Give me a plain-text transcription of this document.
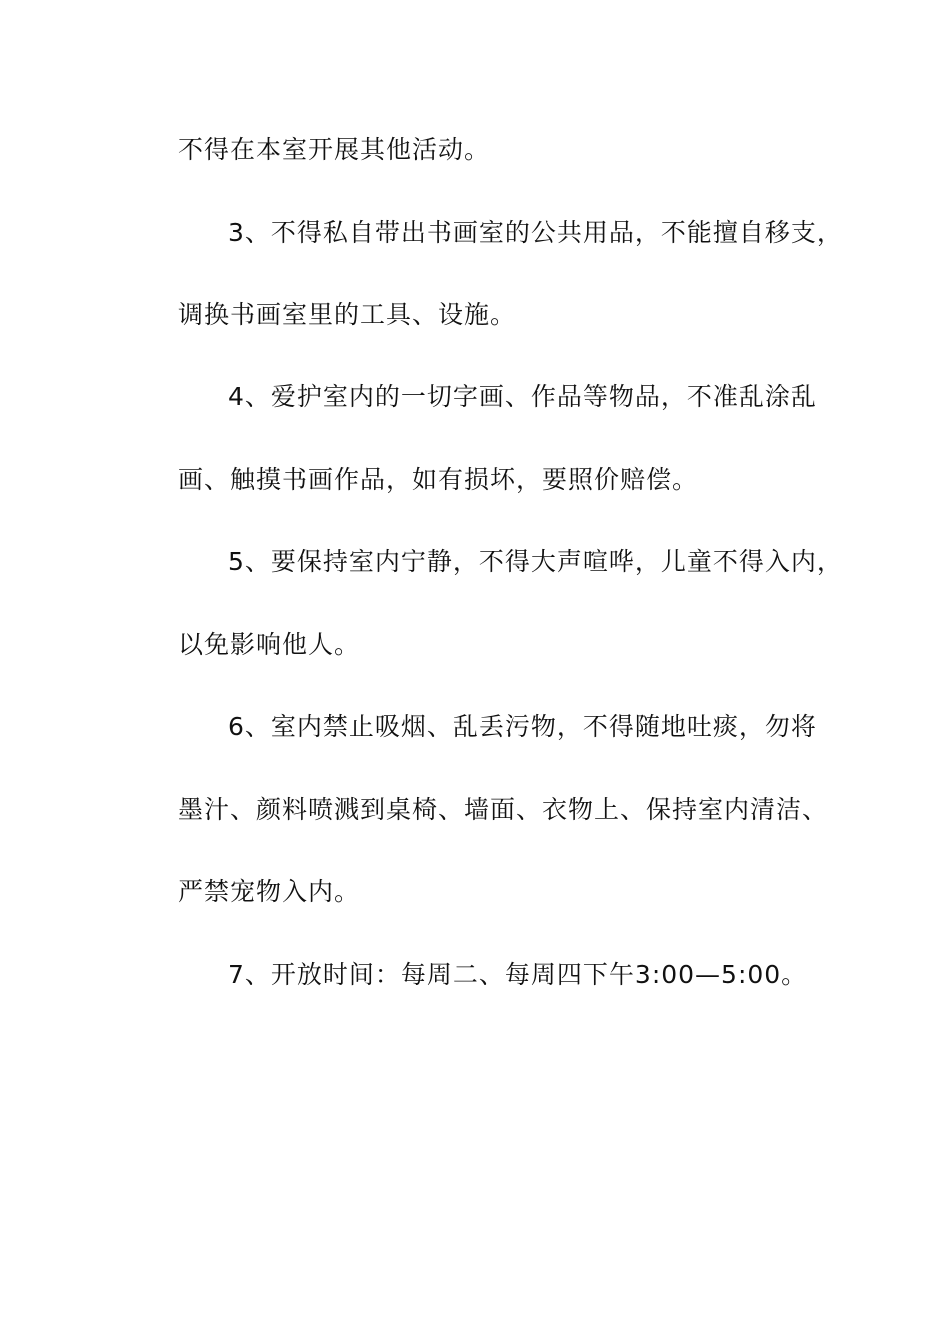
不得在本室开展其他活动。
3、不得私自带出书画室的公共用品，不能擅自移支，
调换书画室里的工具、设施。
4、爱护室内的一切字画、作品等物品，不准乱涂乱
画、触摸书画作品，如有损坏，要照价赔偿。
5、要保持室内宁静，不得大声喧哗，儿童不得入内，
以免影响他人。
6、室内禁止吸烟、乱丢污物，不得随地吐痰，勿将
墨汁、颜料喷溅到桌椅、墙面、衣物上、保持室内清洁、
严禁宠物入内。
7、开放时间：每周二、每周四下午3:00—5:00。
